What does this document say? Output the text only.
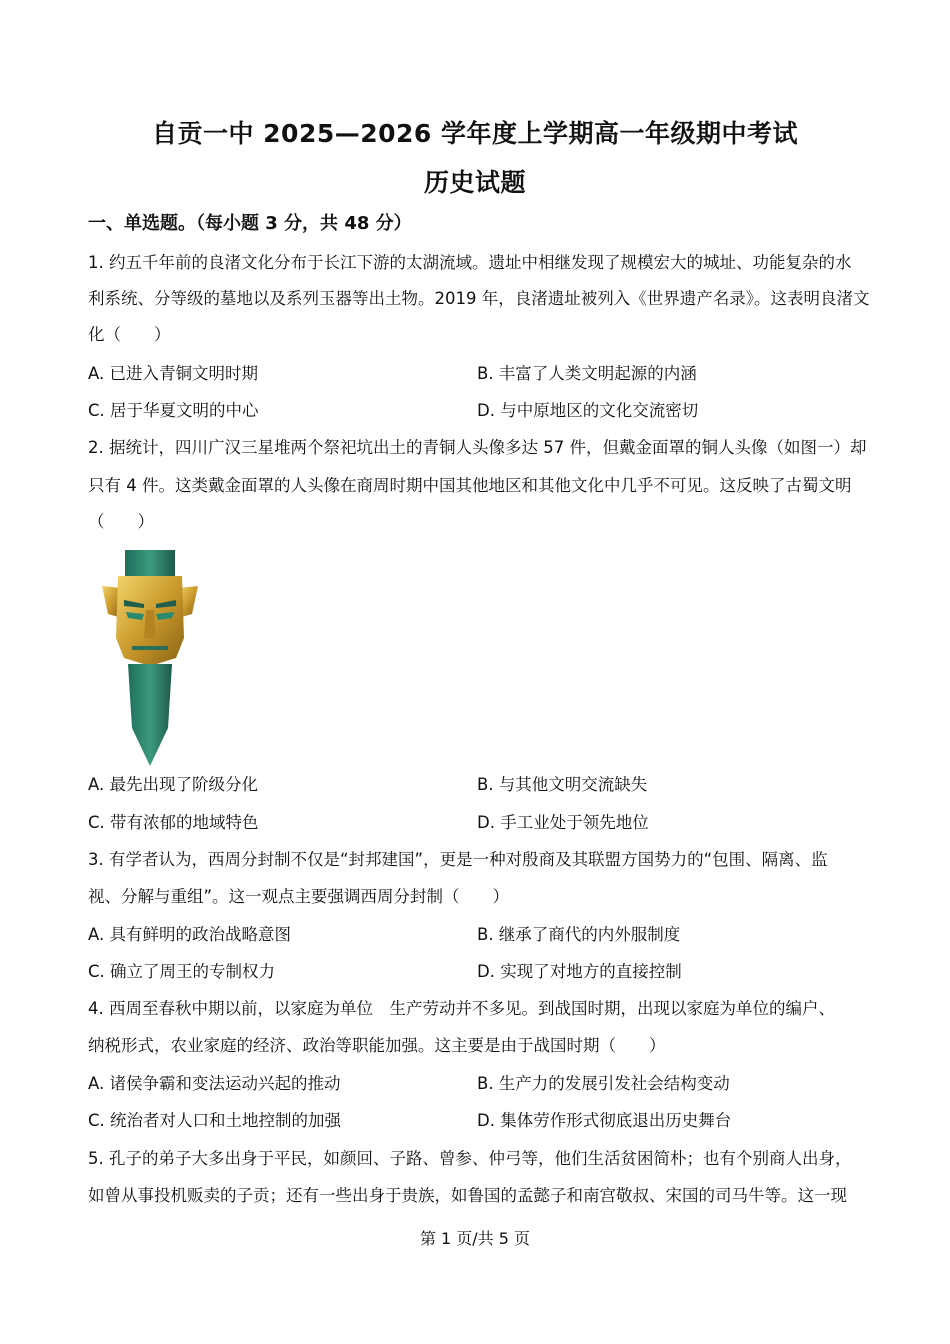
自贡一中 2025—2026 学年度上学期高一年级期中考试
历史试题
一、单选题。（每小题 3 分，共 48 分）
1. 约五千年前的良渚文化分布于长江下游的太湖流域。遗址中相继发现了规模宏大的城址、功能复杂的水
利系统、分等级的墓地以及系列玉器等出土物。2019 年，良渚遗址被列入《世界遗产名录》。这表明良渚文
化（　　）
A. 已进入青铜文明时期	B. 丰富了人类文明起源的内涵
C. 居于华夏文明的中心	D. 与中原地区的文化交流密切
2. 据统计，四川广汉三星堆两个祭祀坑出土的青铜人头像多达 57 件，但戴金面罩的铜人头像（如图一）却
只有 4 件。这类戴金面罩的人头像在商周时期中国其他地区和其他文化中几乎不可见。这反映了古蜀文明
（　　）
A. 最先出现了阶级分化	B. 与其他文明交流缺失
C. 带有浓郁的地域特色	D. 手工业处于领先地位
3. 有学者认为，西周分封制不仅是“封邦建国”，更是一种对殷商及其联盟方国势力的“包围、隔离、监
视、分解与重组”。这一观点主要强调西周分封制（　　）
A. 具有鲜明的政治战略意图	B. 继承了商代的内外服制度
C. 确立了周王的专制权力	D. 实现了对地方的直接控制
4. 西周至春秋中期以前，以家庭为单位　生产劳动并不多见。到战国时期，出现以家庭为单位的编户、
纳税形式，农业家庭的经济、政治等职能加强。这主要是由于战国时期（　　）
A. 诸侯争霸和变法运动兴起的推动	B. 生产力的发展引发社会结构变动
C. 统治者对人口和土地控制的加强	D. 集体劳作形式彻底退出历史舞台
5. 孔子的弟子大多出身于平民，如颜回、子路、曾参、仲弓等，他们生活贫困简朴；也有个别商人出身，
如曾从事投机贩卖的子贡；还有一些出身于贵族，如鲁国的孟懿子和南宫敬叔、宋国的司马牛等。这一现
第 1 页/共 5 页
